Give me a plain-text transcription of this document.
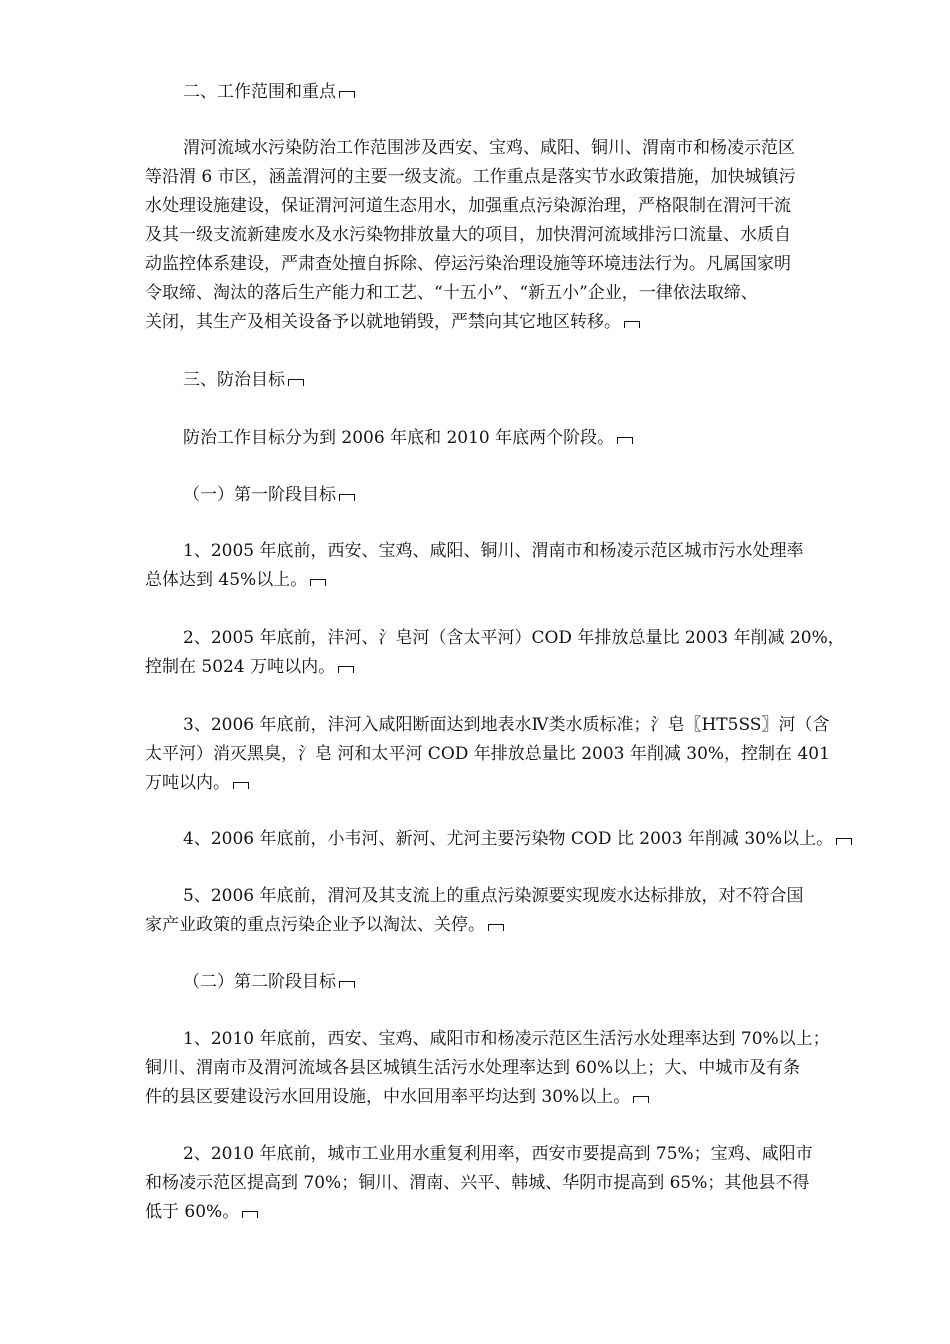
二、工作范围和重点
渭河流域水污染防治工作范围涉及西安、宝鸡、咸阳、铜川、渭南市和杨凌示范区
等沿渭 6 市区，涵盖渭河的主要一级支流。工作重点是落实节水政策措施，加快城镇污
水处理设施建设，保证渭河河道生态用水，加强重点污染源治理，严格限制在渭河干流
及其一级支流新建废水及水污染物排放量大的项目，加快渭河流域排污口流量、水质自
动监控体系建设，严肃查处擅自拆除、停运污染治理设施等环境违法行为。凡属国家明
令取缔、淘汰的落后生产能力和工艺、“十五小”、“新五小”企业，一律依法取缔、
关闭，其生产及相关设备予以就地销毁，严禁向其它地区转移。
三、防治目标
防治工作目标分为到 2006 年底和 2010 年底两个阶段。
（一）第一阶段目标
1、2005 年底前，西安、宝鸡、咸阳、铜川、渭南市和杨凌示范区城市污水处理率
总体达到 45%以上。
2、2005 年底前，沣河、氵皂河（含太平河）COD 年排放总量比 2003 年削减 20%，
控制在 5024 万吨以内。
3、2006 年底前，沣河入咸阳断面达到地表水Ⅳ类水质标准；氵皂〖HT5SS〗河（含
太平河）消灭黑臭，氵皂 河和太平河 COD 年排放总量比 2003 年削减 30%，控制在 401
万吨以内。
4、2006 年底前，小韦河、新河、尤河主要污染物 COD 比 2003 年削减 30%以上。
5、2006 年底前，渭河及其支流上的重点污染源要实现废水达标排放，对不符合国
家产业政策的重点污染企业予以淘汰、关停。
（二）第二阶段目标
1、2010 年底前，西安、宝鸡、咸阳市和杨凌示范区生活污水处理率达到 70%以上；
铜川、渭南市及渭河流域各县区城镇生活污水处理率达到 60%以上；大、中城市及有条
件的县区要建设污水回用设施，中水回用率平均达到 30%以上。
2、2010 年底前，城市工业用水重复利用率，西安市要提高到 75%；宝鸡、咸阳市
和杨凌示范区提高到 70%；铜川、渭南、兴平、韩城、华阴市提高到 65%；其他县不得
低于 60%。
